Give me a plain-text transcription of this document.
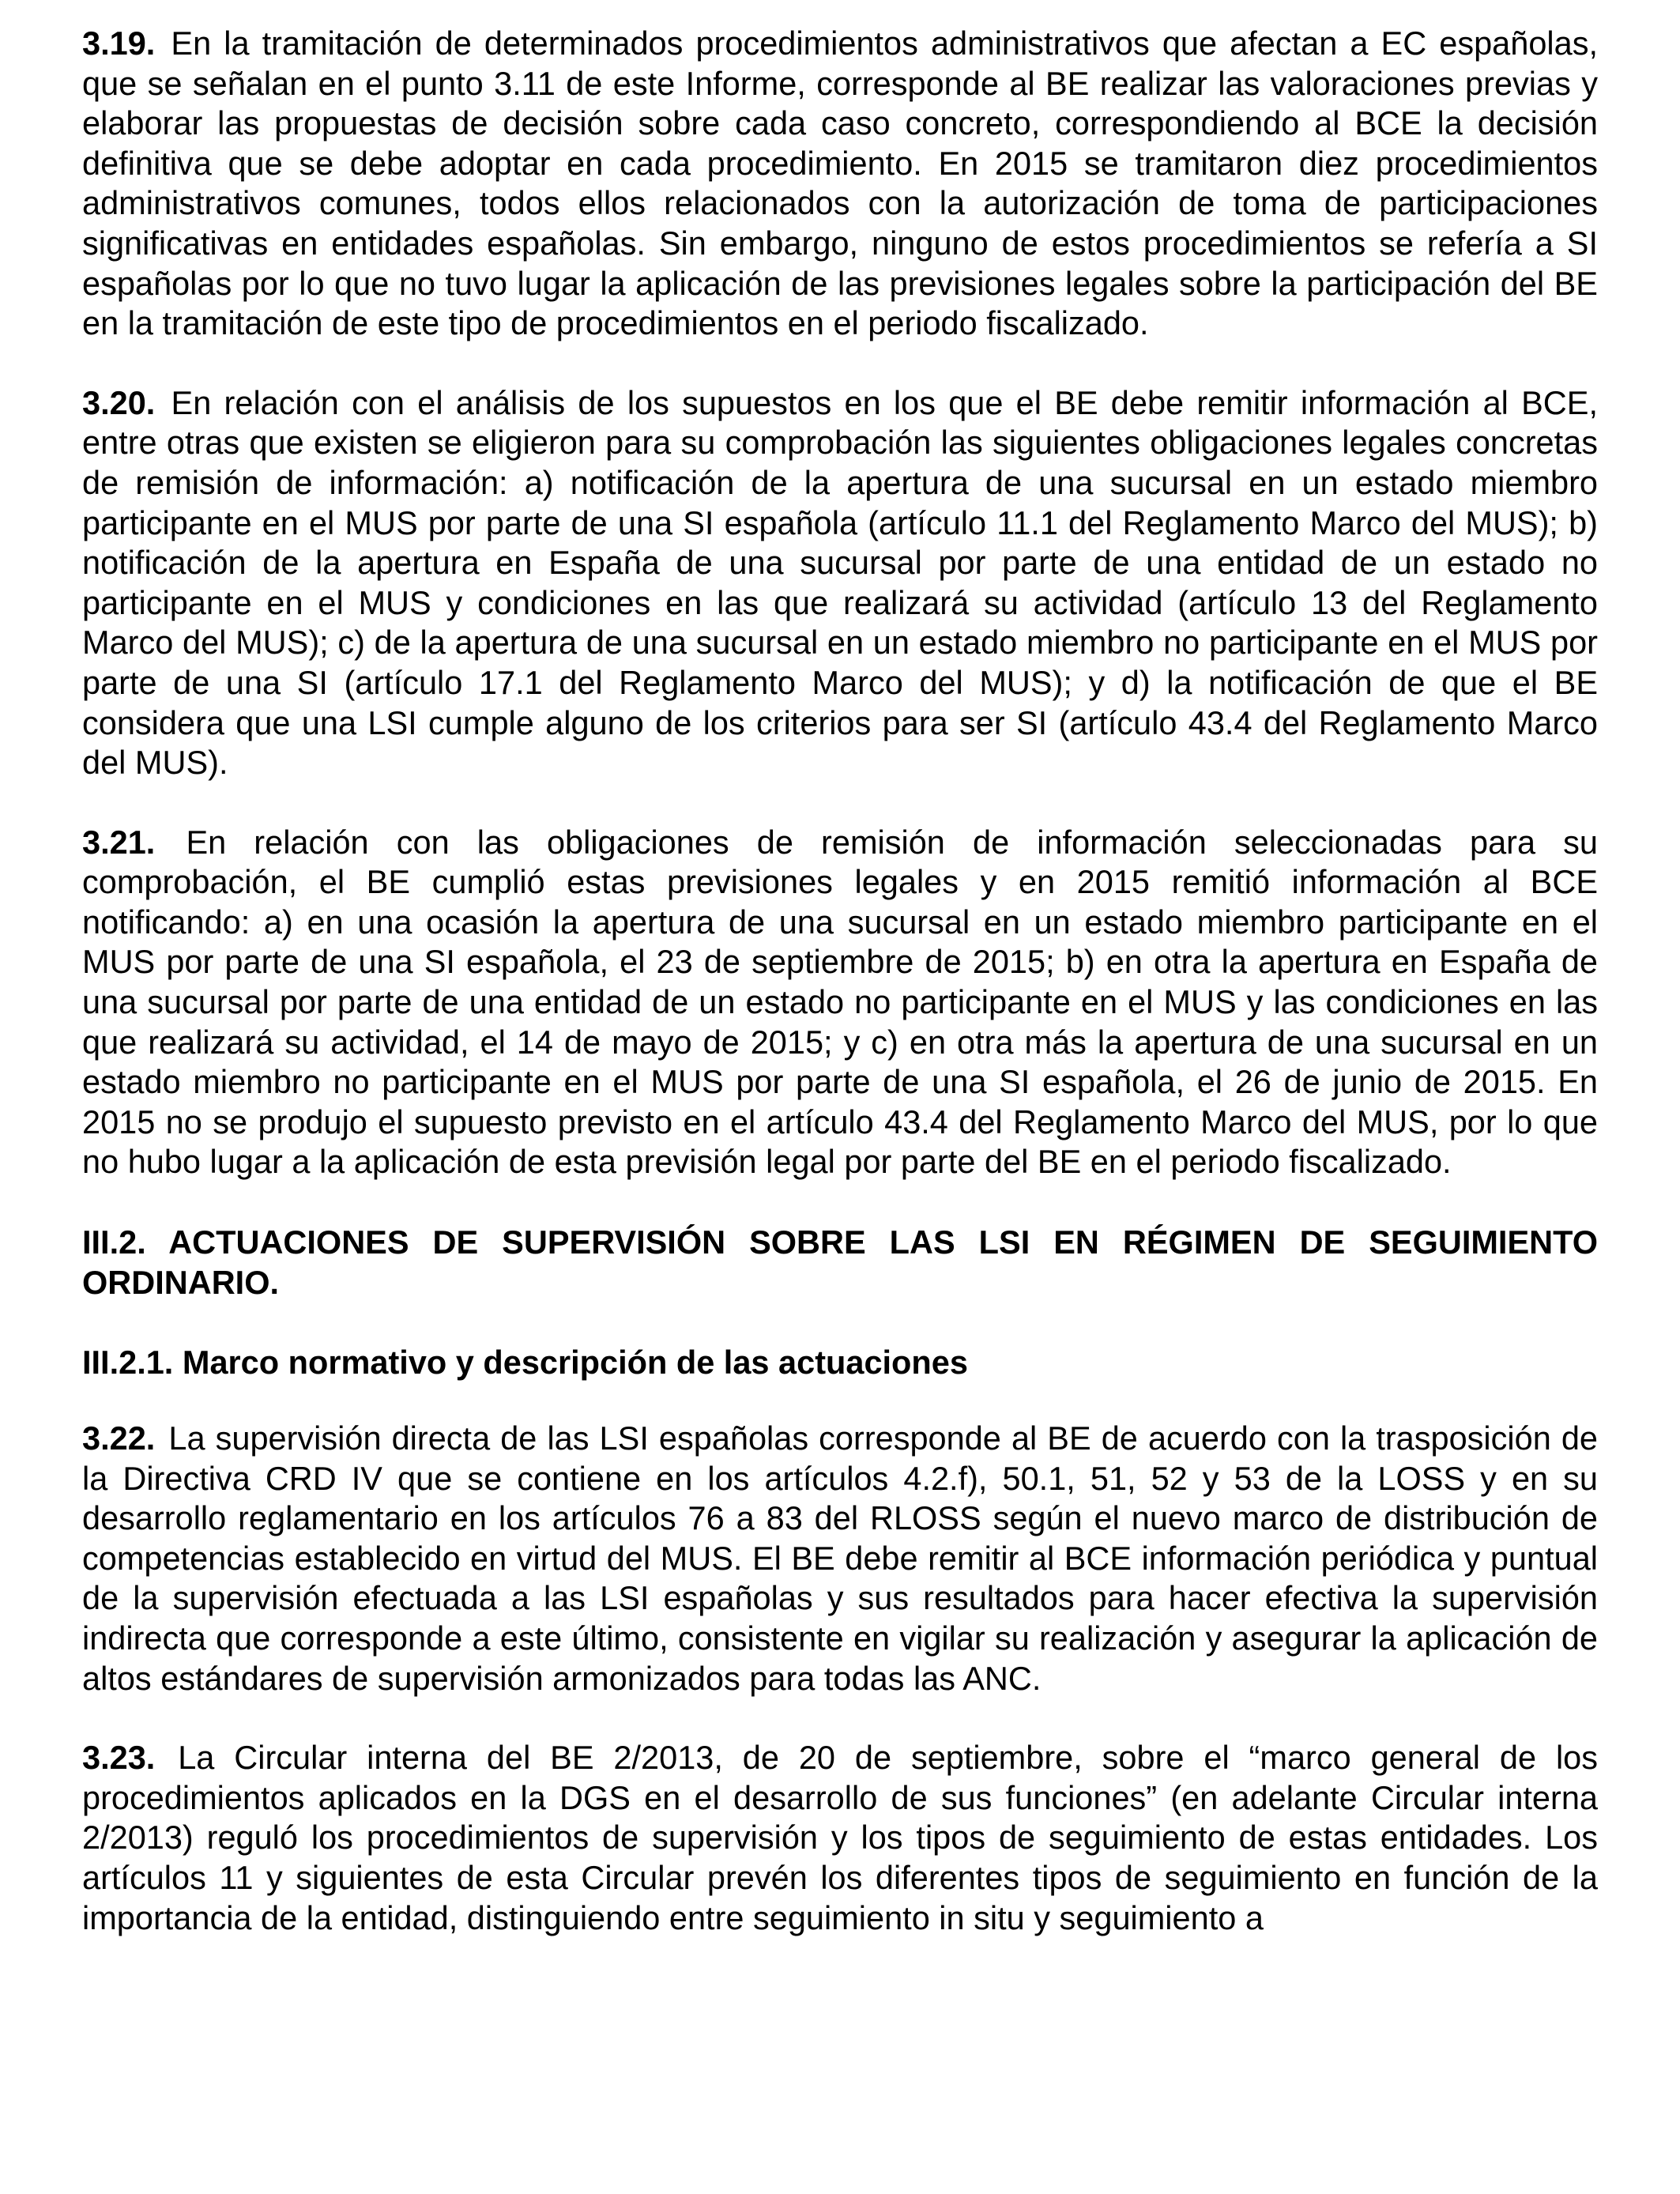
3.19. En la tramitación de determinados procedimientos administrativos que afectan a EC españolas, que se señalan en el punto 3.11 de este Informe, corresponde al BE realizar las valoraciones previas y elaborar las propuestas de decisión sobre cada caso concreto, correspondiendo al BCE la decisión definitiva que se debe adoptar en cada procedimiento. En 2015 se tramitaron diez procedimientos administrativos comunes, todos ellos relacionados con la autorización de toma de participaciones significativas en entidades españolas. Sin embargo, ninguno de estos procedimientos se refería a SI españolas por lo que no tuvo lugar la aplicación de las previsiones legales sobre la participación del BE en la tramitación de este tipo de procedimientos en el periodo fiscalizado.

3.20. En relación con el análisis de los supuestos en los que el BE debe remitir información al BCE, entre otras que existen se eligieron para su comprobación las siguientes obligaciones legales concretas de remisión de información: a) notificación de la apertura de una sucursal en un estado miembro participante en el MUS por parte de una SI española (artículo 11.1 del Reglamento Marco del MUS); b) notificación de la apertura en España de una sucursal por parte de una entidad de un estado no participante en el MUS y condiciones en las que realizará su actividad (artículo 13 del Reglamento Marco del MUS); c) de la apertura de una sucursal en un estado miembro no participante en el MUS por parte de una SI (artículo 17.1 del Reglamento Marco del MUS); y d) la notificación de que el BE considera que una LSI cumple alguno de los criterios para ser SI (artículo 43.4 del Reglamento Marco del MUS).

3.21. En relación con las obligaciones de remisión de información seleccionadas para su comprobación, el BE cumplió estas previsiones legales y en 2015 remitió información al BCE notificando: a) en una ocasión la apertura de una sucursal en un estado miembro participante en el MUS por parte de una SI española, el 23 de septiembre de 2015; b) en otra la apertura en España de una sucursal por parte de una entidad de un estado no participante en el MUS y las condiciones en las que realizará su actividad, el 14 de mayo de 2015; y c) en otra más la apertura de una sucursal en un estado miembro no participante en el MUS por parte de una SI española, el 26 de junio de 2015. En 2015 no se produjo el supuesto previsto en el artículo 43.4 del Reglamento Marco del MUS, por lo que no hubo lugar a la aplicación de esta previsión legal por parte del BE en el periodo fiscalizado.

III.2. ACTUACIONES DE SUPERVISIÓN SOBRE LAS LSI EN RÉGIMEN DE SEGUIMIENTO ORDINARIO.
III.2.1. Marco normativo y descripción de las actuaciones

3.22. La supervisión directa de las LSI españolas corresponde al BE de acuerdo con la trasposición de la Directiva CRD IV que se contiene en los artículos 4.2.f), 50.1, 51, 52 y 53 de la LOSS y en su desarrollo reglamentario en los artículos 76 a 83 del RLOSS según el nuevo marco de distribución de competencias establecido en virtud del MUS. El BE debe remitir al BCE información periódica y puntual de la supervisión efectuada a las LSI españolas y sus resultados para hacer efectiva la supervisión indirecta que corresponde a este último, consistente en vigilar su realización y asegurar la aplicación de altos estándares de supervisión armonizados para todas las ANC.

3.23. La Circular interna del BE 2/2013, de 20 de septiembre, sobre el “marco general de los procedimientos aplicados en la DGS en el desarrollo de sus funciones” (en adelante Circular interna 2/2013) reguló los procedimientos de supervisión y los tipos de seguimiento de estas entidades. Los artículos 11 y siguientes de esta Circular prevén los diferentes tipos de seguimiento en función de la importancia de la entidad, distinguiendo entre seguimiento in situ y seguimiento a
